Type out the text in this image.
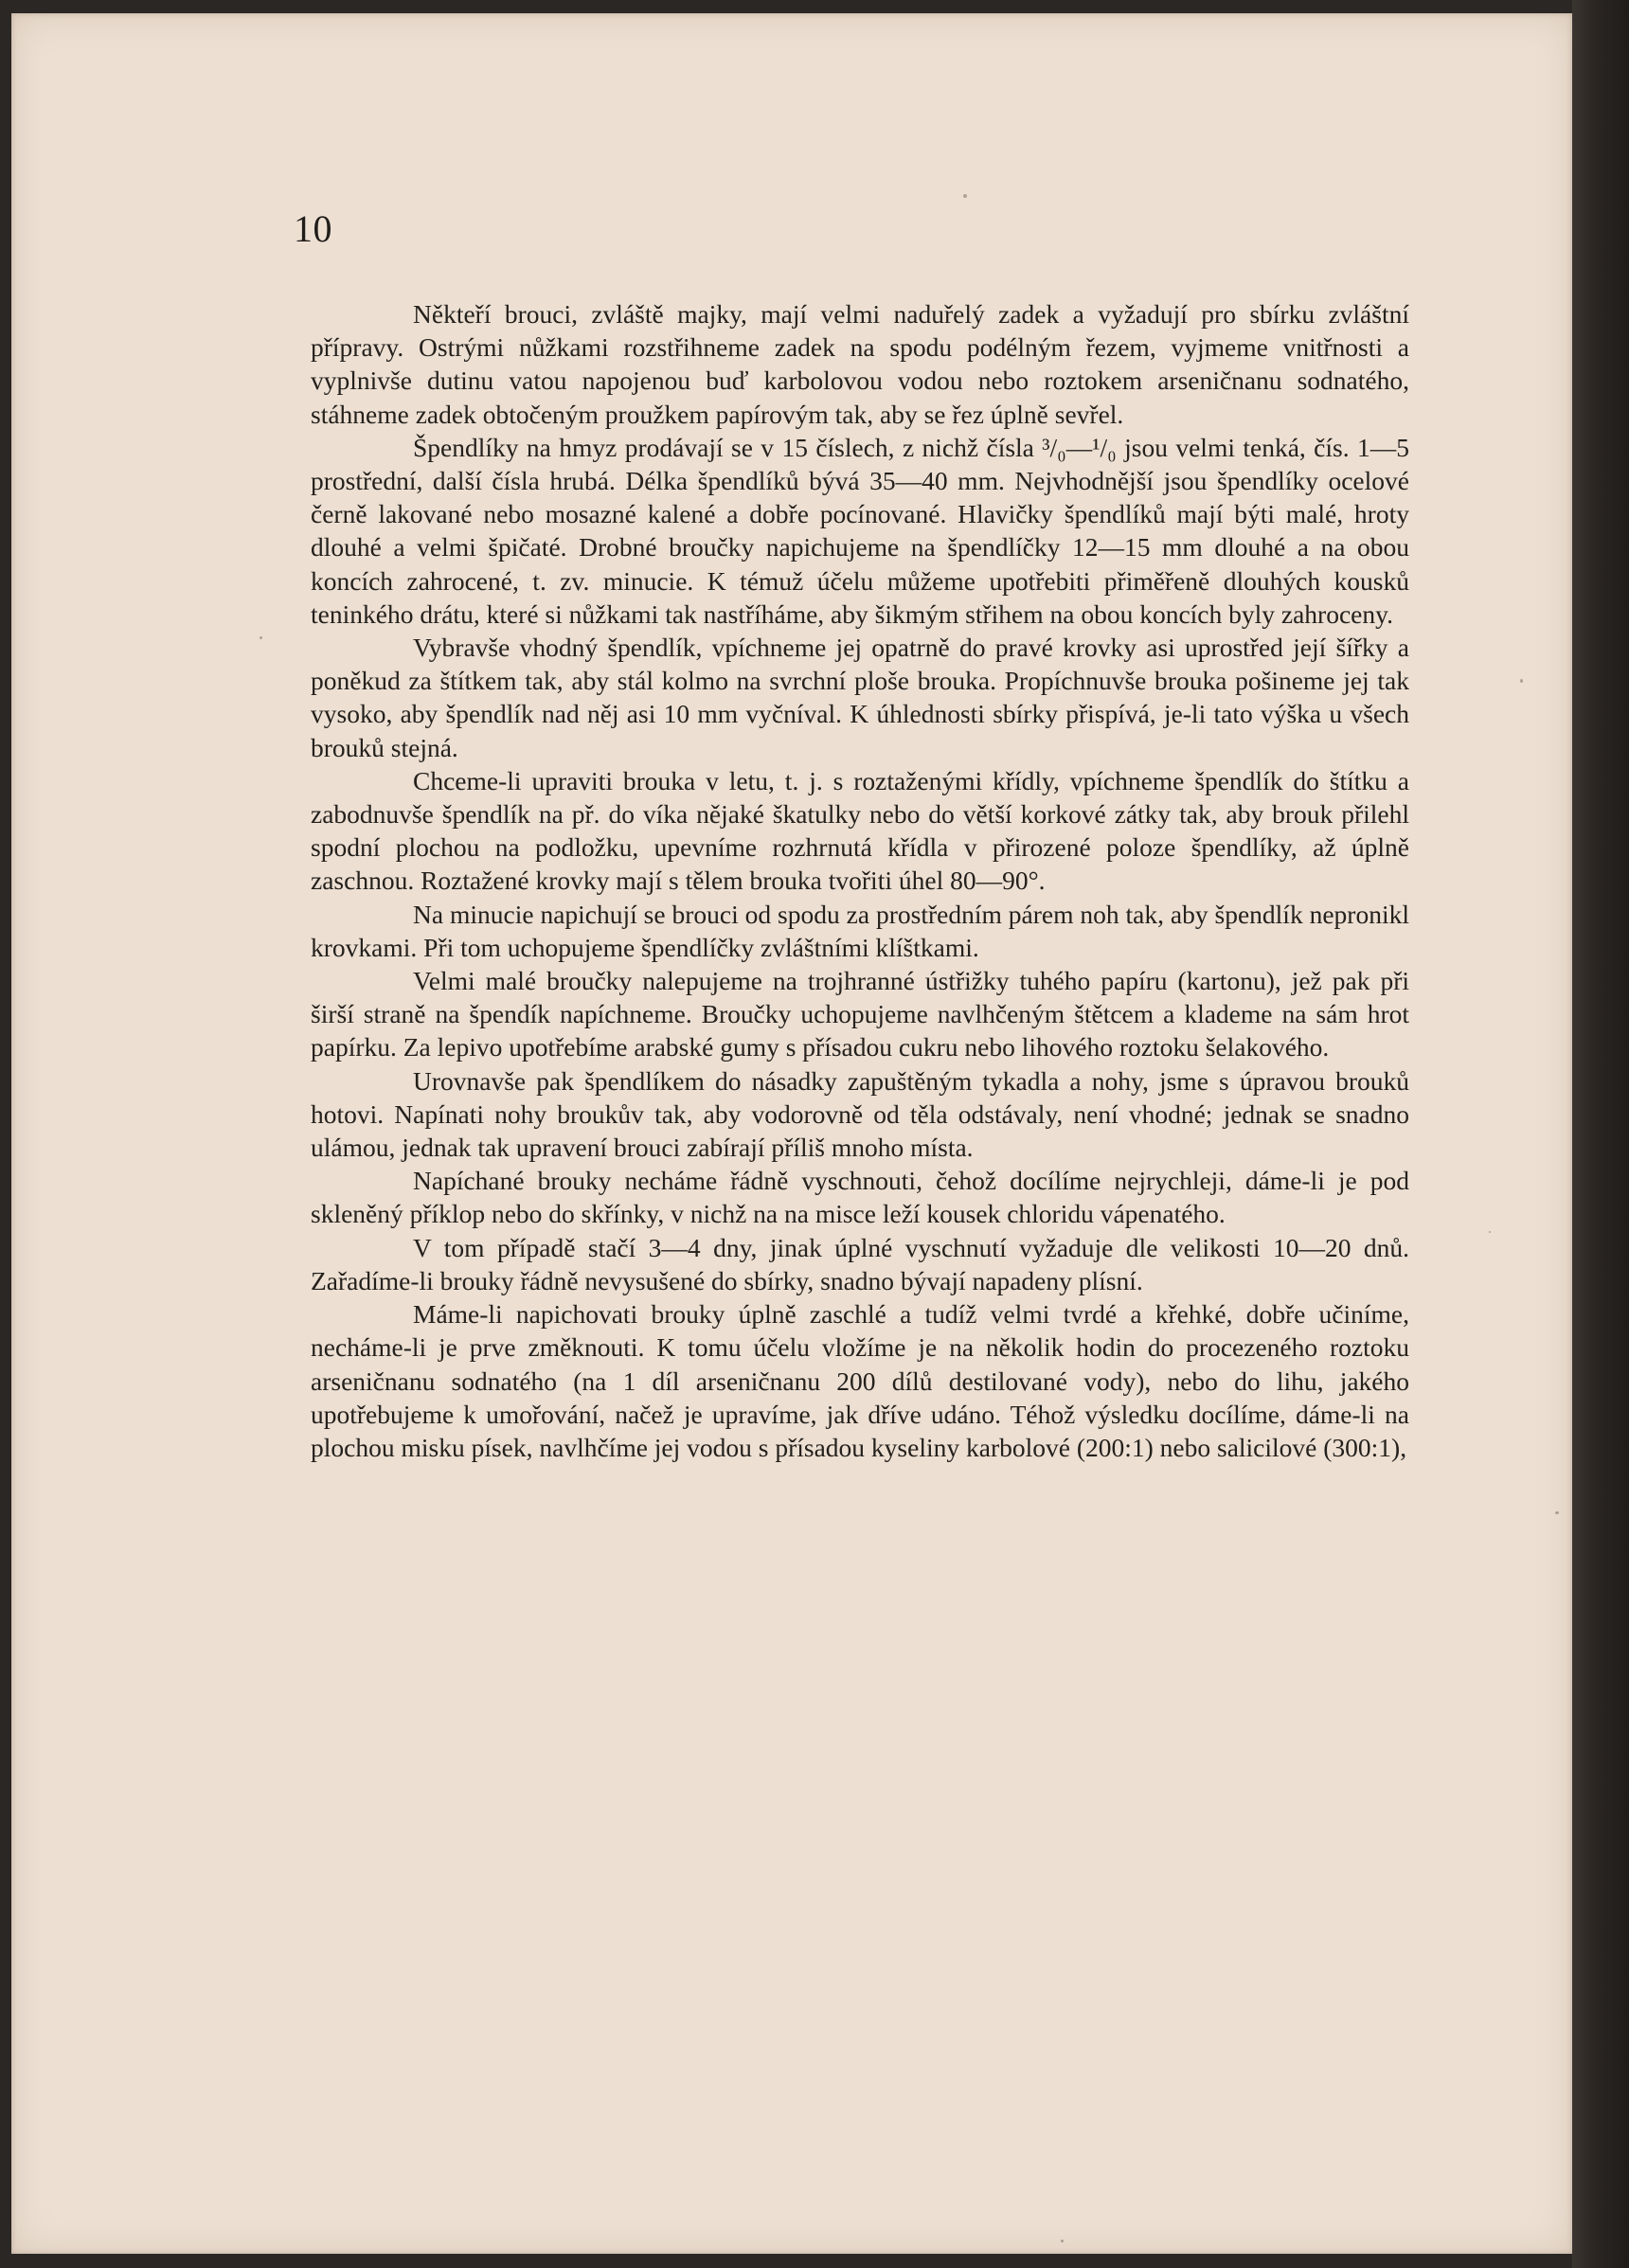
10

Někteří brouci, zvláště majky, mají velmi naduřelý zadek a vyžadují pro sbírku zvláštní přípravy. Ostrými nůžkami rozstřihneme zadek na spodu podélným řezem, vyjmeme vnitřnosti a vyplnivše dutinu vatou napojenou buď karbolovou vodou nebo roztokem arseničnanu sodnatého, stáhneme zadek obtočeným proužkem papírovým tak, aby se řez úplně sevřel.

Špendlíky na hmyz prodávají se v 15 číslech, z nichž čísla ³/₀—¹/₀ jsou velmi tenká, čís. 1—5 prostřední, další čísla hrubá. Délka špendlíků bývá 35—40 mm. Nejvhodnější jsou špendlíky ocelové černě lakované nebo mosazné kalené a dobře pocínované. Hlavičky špendlíků mají býti malé, hroty dlouhé a velmi špičaté. Drobné broučky napichujeme na špendlíčky 12—15 mm dlouhé a na obou koncích zahrocené, t. zv. minucie. K témuž účelu můžeme upotřebiti přiměřeně dlouhých kousků teninkého drátu, které si nůžkami tak nastříháme, aby šikmým střihem na obou koncích byly zahroceny.

Vybravše vhodný špendlík, vpíchneme jej opatrně do pravé krovky asi uprostřed její šířky a poněkud za štítkem tak, aby stál kolmo na svrchní ploše brouka. Propíchnuvše brouka pošineme jej tak vysoko, aby špendlík nad něj asi 10 mm vyčníval. K úhlednosti sbírky přispívá, je-li tato výška u všech brouků stejná.

Chceme-li upraviti brouka v letu, t. j. s roztaženými křídly, vpíchneme špendlík do štítku a zabodnuvše špendlík na př. do víka nějaké škatulky nebo do větší korkové zátky tak, aby brouk přilehl spodní plochou na podložku, upevníme rozhrnutá křídla v přirozené poloze špendlíky, až úplně zaschnou. Roztažené krovky mají s tělem brouka tvořiti úhel 80—90°.

Na minucie napichují se brouci od spodu za prostředním párem noh tak, aby špendlík nepronikl krovkami. Při tom uchopujeme špendlíčky zvláštními klíštkami.

Velmi malé broučky nalepujeme na trojhranné ústřižky tuhého papíru (kartonu), jež pak při širší straně na špendík napíchneme. Broučky uchopujeme navlhčeným štětcem a klademe na sám hrot papírku. Za lepivo upotřebíme arabské gumy s přísadou cukru nebo lihového roztoku šelakového.

Urovnavše pak špendlíkem do násadky zapuštěným tykadla a nohy, jsme s úpravou brouků hotovi. Napínati nohy broukův tak, aby vodorovně od těla odstávaly, není vhodné; jednak se snadno ulámou, jednak tak upravení brouci zabírají příliš mnoho místa.

Napíchané brouky necháme řádně vyschnouti, čehož docílíme nejrychleji, dáme-li je pod skleněný příklop nebo do skřínky, v nichž na na misce leží kousek chloridu vápenatého.

V tom případě stačí 3—4 dny, jinak úplné vyschnutí vyžaduje dle velikosti 10—20 dnů. Zařadíme-li brouky řádně nevysušené do sbírky, snadno bývají napadeny plísní.

Máme-li napichovati brouky úplně zaschlé a tudíž velmi tvrdé a křehké, dobře učiníme, necháme-li je prve změknouti. K tomu účelu vložíme je na několik hodin do procezeného roztoku arseničnanu sodnatého (na 1 díl arseničnanu 200 dílů destilované vody), nebo do lihu, jakého upotřebujeme k umořování, načež je upravíme, jak dříve udáno. Téhož výsledku docílíme, dáme-li na plochou misku písek, navlhčíme jej vodou s přísadou kyseliny karbolové (200:1) nebo salicilové (300:1),
